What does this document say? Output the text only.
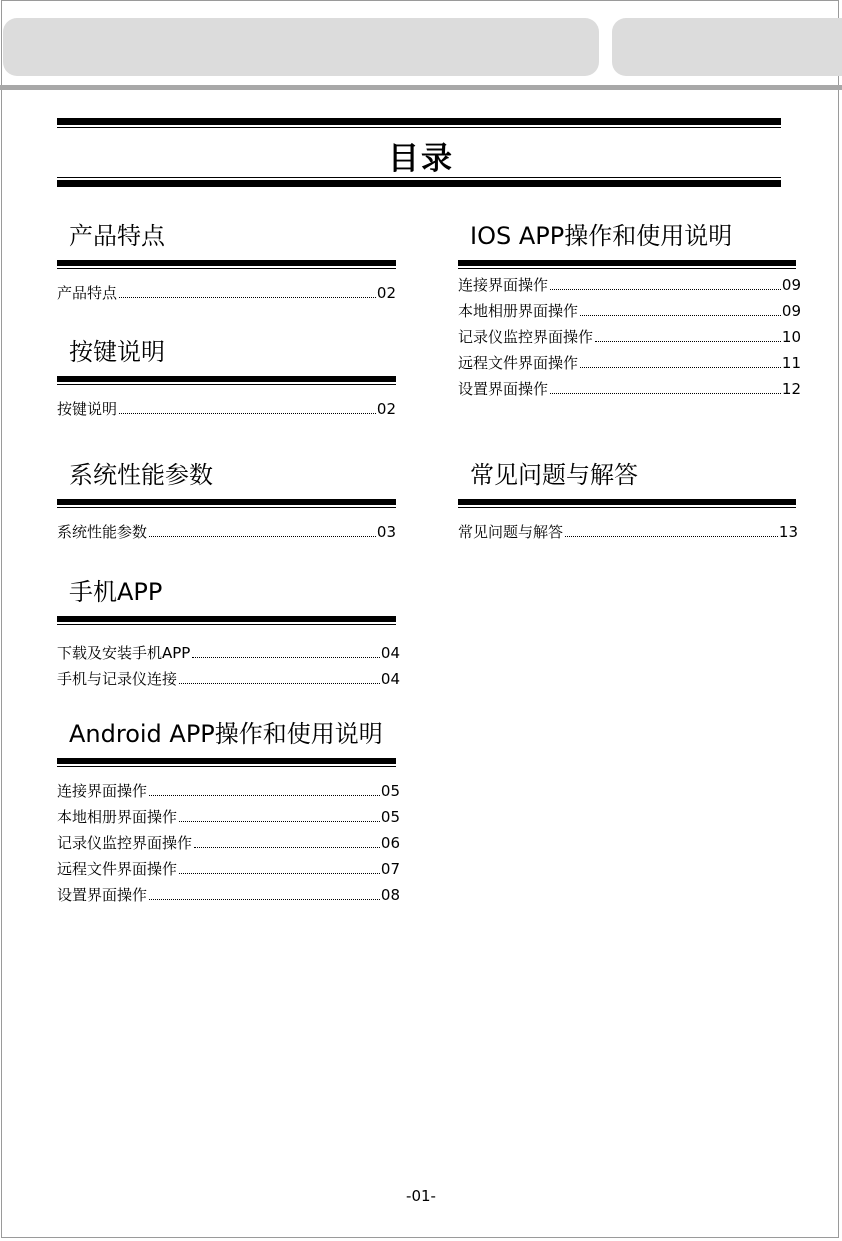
目录
产品特点
产品特点	02
按键说明
按键说明	02
系统性能参数
系统性能参数	03
手机APP
下载及安装手机APP	04
手机与记录仪连接	04
Android APP操作和使用说明
连接界面操作	05
本地相册界面操作	05
记录仪监控界面操作	06
远程文件界面操作	07
设置界面操作	08
IOS APP操作和使用说明
连接界面操作	09
本地相册界面操作	09
记录仪监控界面操作	10
远程文件界面操作	11
设置界面操作	12
常见问题与解答
常见问题与解答	13
-01-
